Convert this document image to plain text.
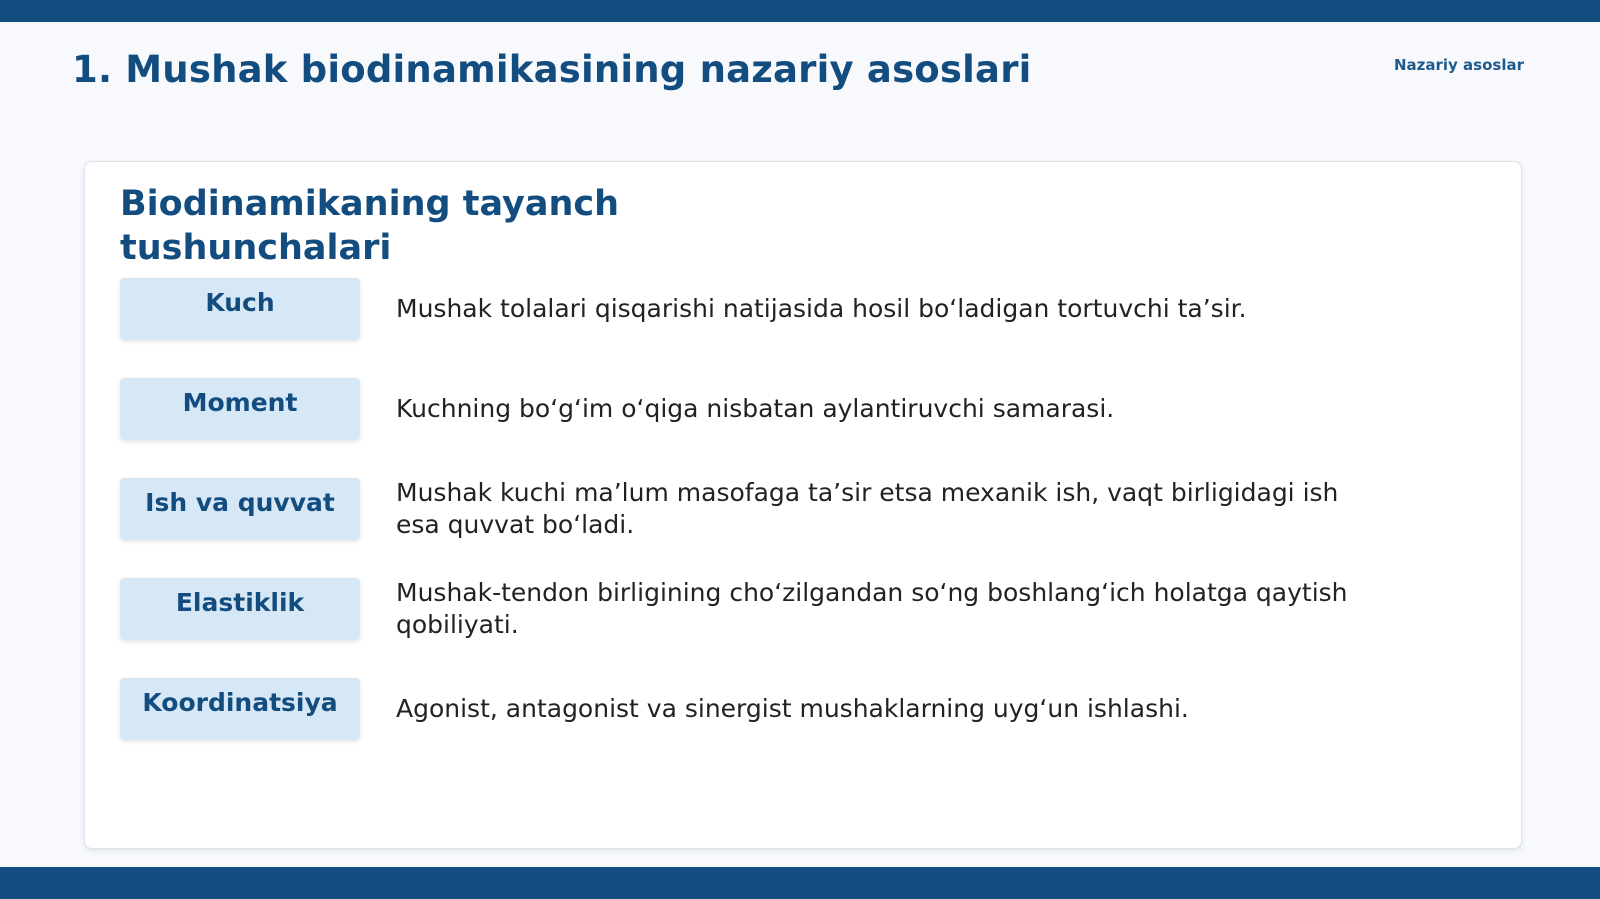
1. Mushak biodinamikasining nazariy asoslari	Nazariy asoslar
Biodinamikaning tayanch tushunchalari
Kuch	Mushak tolalari qisqarishi natijasida hosil bo‘ladigan tortuvchi ta’sir.
Moment	Kuchning bo‘g‘im o‘qiga nisbatan aylantiruvchi samarasi.
Ish va quvvat	Mushak kuchi ma’lum masofaga ta’sir etsa mexanik ish, vaqt birligidagi ish esa quvvat bo‘ladi.
Elastiklik	Mushak-tendon birligining cho‘zilgandan so‘ng boshlang‘ich holatga qaytish qobiliyati.
Koordinatsiya	Agonist, antagonist va sinergist mushaklarning uyg‘un ishlashi.
